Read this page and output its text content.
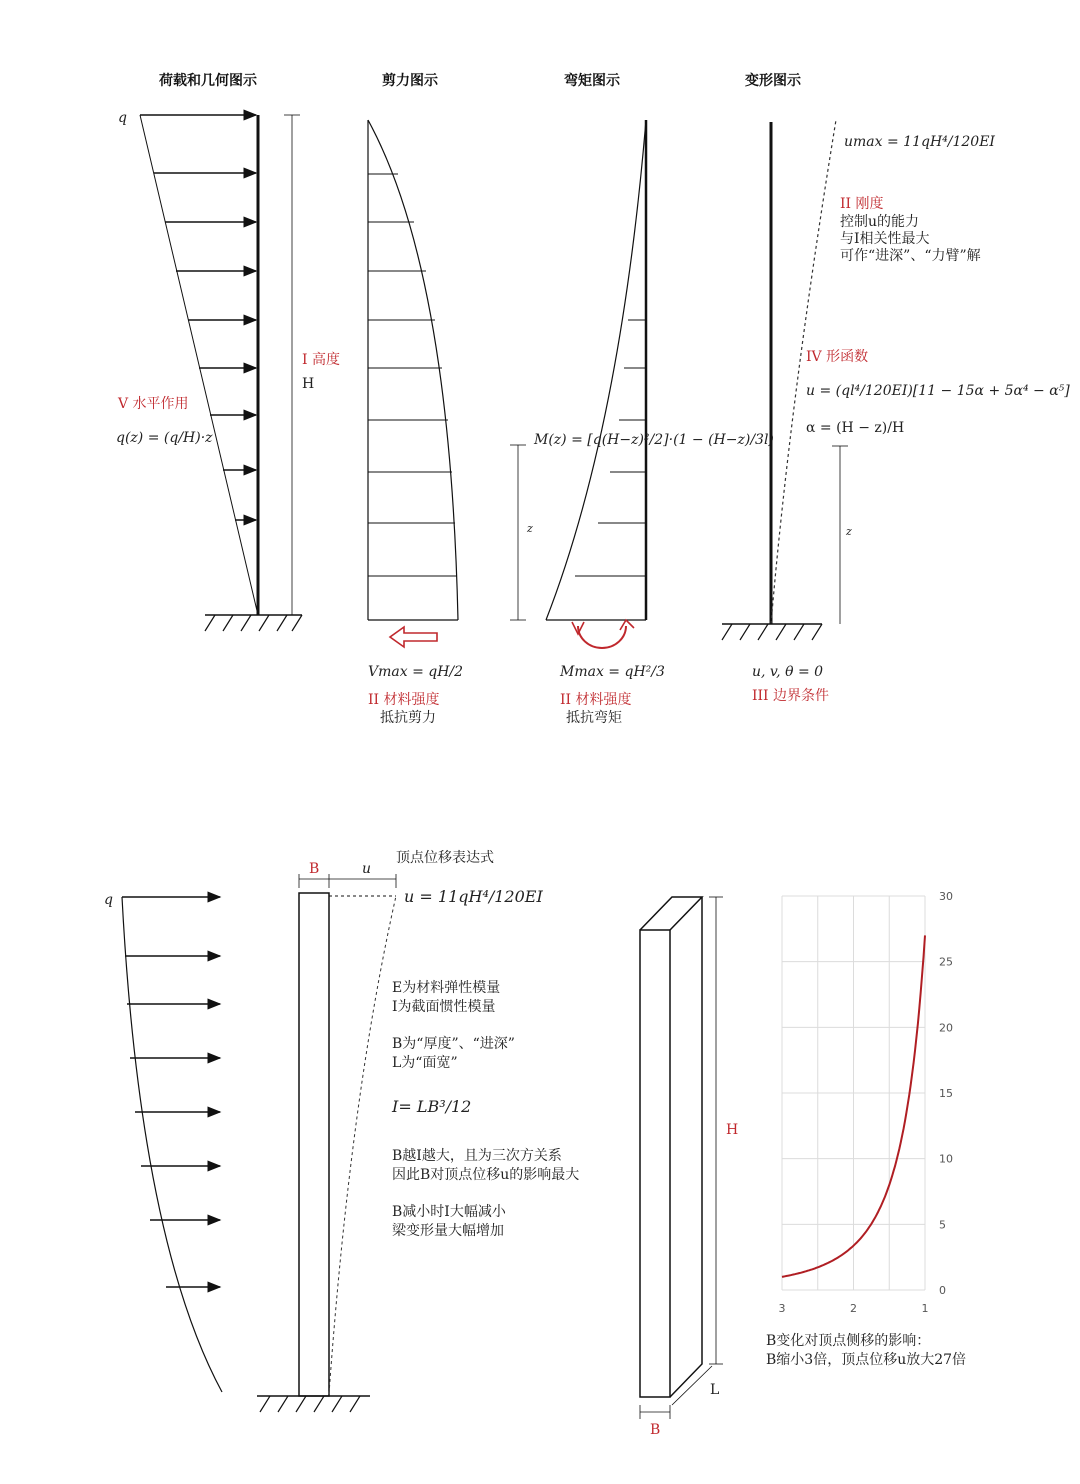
荷载和几何图示	剪力图示	弯矩图示	变形图示
q
V 水平作用
q(z) = (q/H)·z
I 高度
H
Vmax = qH/2
II 材料强度
抵抗剪力
M(z) = [q(H−z)²/2]·(1 − (H−z)/3l)
z
Mmax = qH²/3
II 材料强度
抵抗弯矩
umax = 11qH⁴/120EI
II 刚度
控制u的能力
与I相关性最大
可作“进深”、“力臂”解
IV 形函数
u = (ql⁴/120EI)[11 − 15α + 5α⁴ − α⁵]
α = (H − z)/H
z
u, v, θ = 0
III 边界条件
q
B	u
顶点位移表达式
u = 11qH⁴/120EI
E为材料弹性模量
I为截面惯性模量
B为“厚度”、“进深”
L为“面宽”
I= LB³/12
B越I越大，且为三次方关系
因此B对顶点位移u的影响最大
B减小时I大幅减小
梁变形量大幅增加
H
L
B
0
5
10
15
20
25
30
3	2	1
B变化对顶点侧移的影响：
B缩小3倍，顶点位移u放大27倍
